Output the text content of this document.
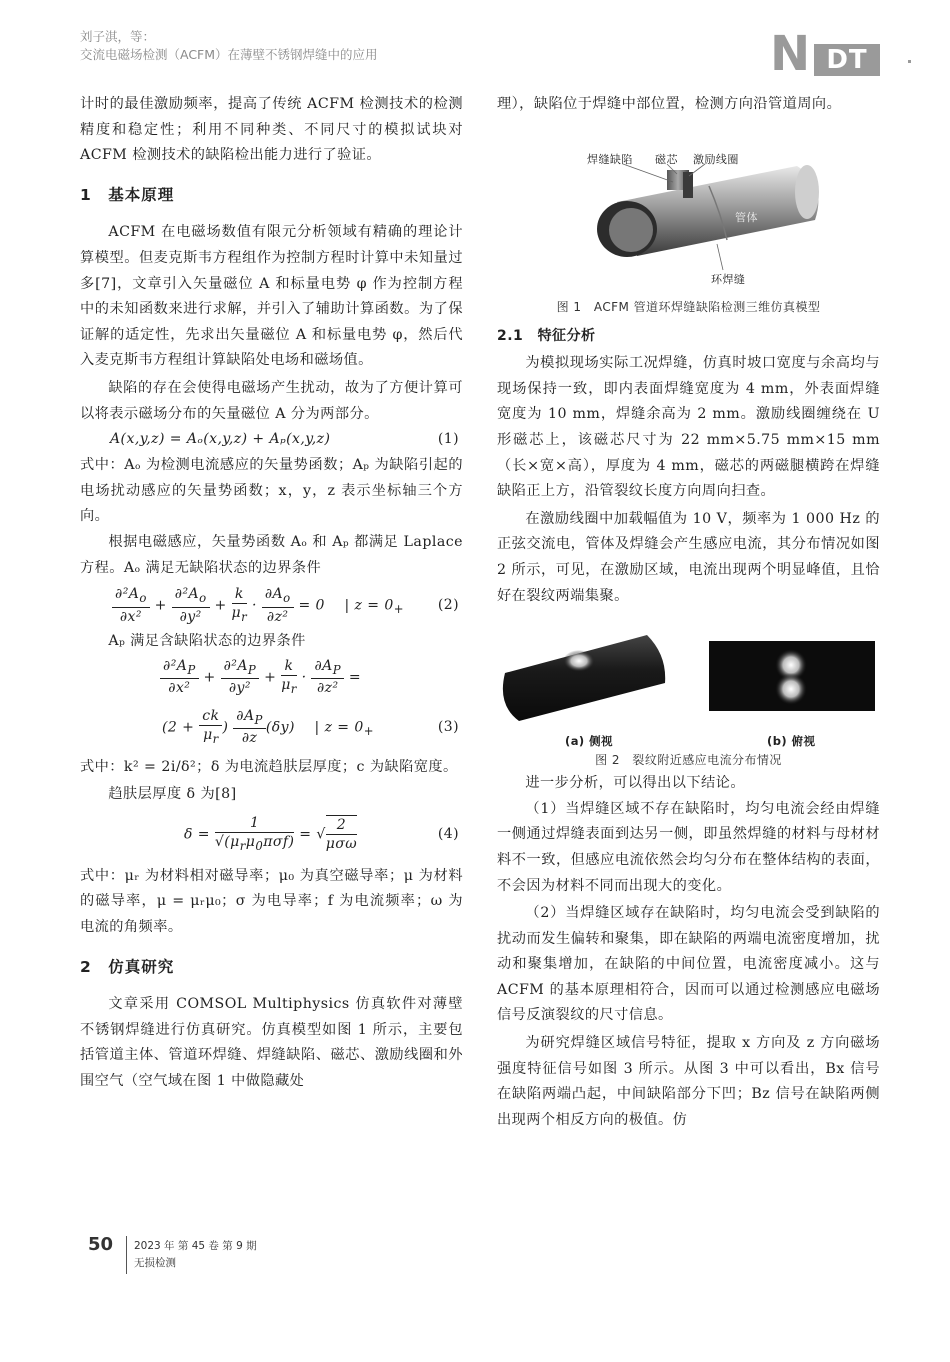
刘子淇，等：
交流电磁场检测（ACFM）在薄壁不锈钢焊缝中的应用	N DT

计时的最佳激励频率，提高了传统 ACFM 检测技术的检测精度和稳定性；利用不同种类、不同尺寸的模拟试块对 ACFM 检测技术的缺陷检出能力进行了验证。

1　基本原理

ACFM 在电磁场数值有限元分析领域有精确的理论计算模型。但麦克斯韦方程组作为控制方程时计算中未知量过多[7]，文章引入矢量磁位 A 和标量电势 φ 作为控制方程中的未知函数来进行求解，并引入了辅助计算函数。为了保证解的适定性，先求出矢量磁位 A 和标量电势 φ，然后代入麦克斯韦方程组计算缺陷处电场和磁场值。

缺陷的存在会使得电磁场产生扰动，故为了方便计算可以将表示磁场分布的矢量磁位 A 分为两部分。

A(x,y,z) = Aₒ(x,y,z) + Aₚ(x,y,z)	(1)

式中：Aₒ 为检测电流感应的矢量势函数；Aₚ 为缺陷引起的电场扰动感应的矢量势函数；x，y，z 表示坐标轴三个方向。

根据电磁感应，矢量势函数 Aₒ 和 Aₚ 都满足 Laplace 方程。Aₒ 满足无缺陷状态的边界条件

$\frac{\partial^2A_o}{\text{∂x²}} + \frac{\partial^2A_o}{\text{∂y²}} + \frac{k}{\mu_r} \cdot \frac{\partial A_o}{\text{∂z²}} = 0$    | $z = 0_+$ (2)

Aₚ 满足含缺陷状态的边界条件

$\frac{\partial^2A_P}{\text{∂x²}} + \frac{\partial^2A_P}{\text{∂y²}} + \frac{k}{\mu_r} \cdot \frac{\partial A_P}{\text{∂z²}}$ =
($2 + \frac{ck}{\mu_r}$ ) $\frac{\partial A_P}{\partial z} (\delta y)$    | $z = 0_+$	(3)

式中：k² = 2i/δ²；δ 为电流趋肤层厚度；c 为缺陷宽度。

趋肤层厚度 δ 为[8]

$\delta = \frac{1}{√(\mu_r\mu_0\pi\sigma f)}$ = √ $\frac{2}{\text{μσω}}$	(4)

式中：μᵣ 为材料相对磁导率；μ₀ 为真空磁导率；μ 为材料的磁导率，μ = μᵣμ₀；σ 为电导率；f 为电流频率；ω 为电流的角频率。

2　仿真研究

文章采用 COMSOL Multiphysics 仿真软件对薄壁不锈钢焊缝进行仿真研究。仿真模型如图 1 所示，主要包括管道主体、管道环焊缝、焊缝缺陷、磁芯、激励线圈和外围空气（空气域在图 1 中做隐藏处

理），缺陷位于焊缝中部位置，检测方向沿管道周向。

焊缝缺陷 磁芯 激励线圈
管体
环焊缝

图 1　ACFM 管道环焊缝缺陷检测三维仿真模型

2.1　特征分析

为模拟现场实际工况焊缝，仿真时坡口宽度与余高均与现场保持一致，即内表面焊缝宽度为 4 mm，外表面焊缝宽度为 10 mm，焊缝余高为 2 mm。激励线圈缠绕在 U 形磁芯上，该磁芯尺寸为 22 mm×5.75 mm×15 mm（长×宽×高），厚度为 4 mm，磁芯的两磁腿横跨在焊缝缺陷正上方，沿管裂纹长度方向周向扫查。

在激励线圈中加载幅值为 10 V，频率为 1 000 Hz 的正弦交流电，管体及焊缝会产生感应电流，其分布情况如图 2 所示，可见，在激励区域，电流出现两个明显峰值，且恰好在裂纹两端集聚。

(a) 侧视	(b) 俯视

图 2　裂纹附近感应电流分布情况

进一步分析，可以得出以下结论。

（1）当焊缝区域不存在缺陷时，均匀电流会经由焊缝一侧通过焊缝表面到达另一侧，即虽然焊缝的材料与母材材料不一致，但感应电流依然会均匀分布在整体结构的表面，不会因为材料不同而出现大的变化。

（2）当焊缝区域存在缺陷时，均匀电流会受到缺陷的扰动而发生偏转和聚集，即在缺陷的两端电流密度增加，扰动和聚集增加，在缺陷的中间位置，电流密度减小。这与 ACFM 的基本原理相符合，因而可以通过检测感应电磁场信号反演裂纹的尺寸信息。

为研究焊缝区域信号特征，提取 x 方向及 z 方向磁场强度特征信号如图 3 所示。从图 3 中可以看出，Bx 信号在缺陷两端凸起，中间缺陷部分下凹；Bz 信号在缺陷两侧出现两个相反方向的极值。仿

50 2023 年 第 45 卷 第 9 期
无损检测
